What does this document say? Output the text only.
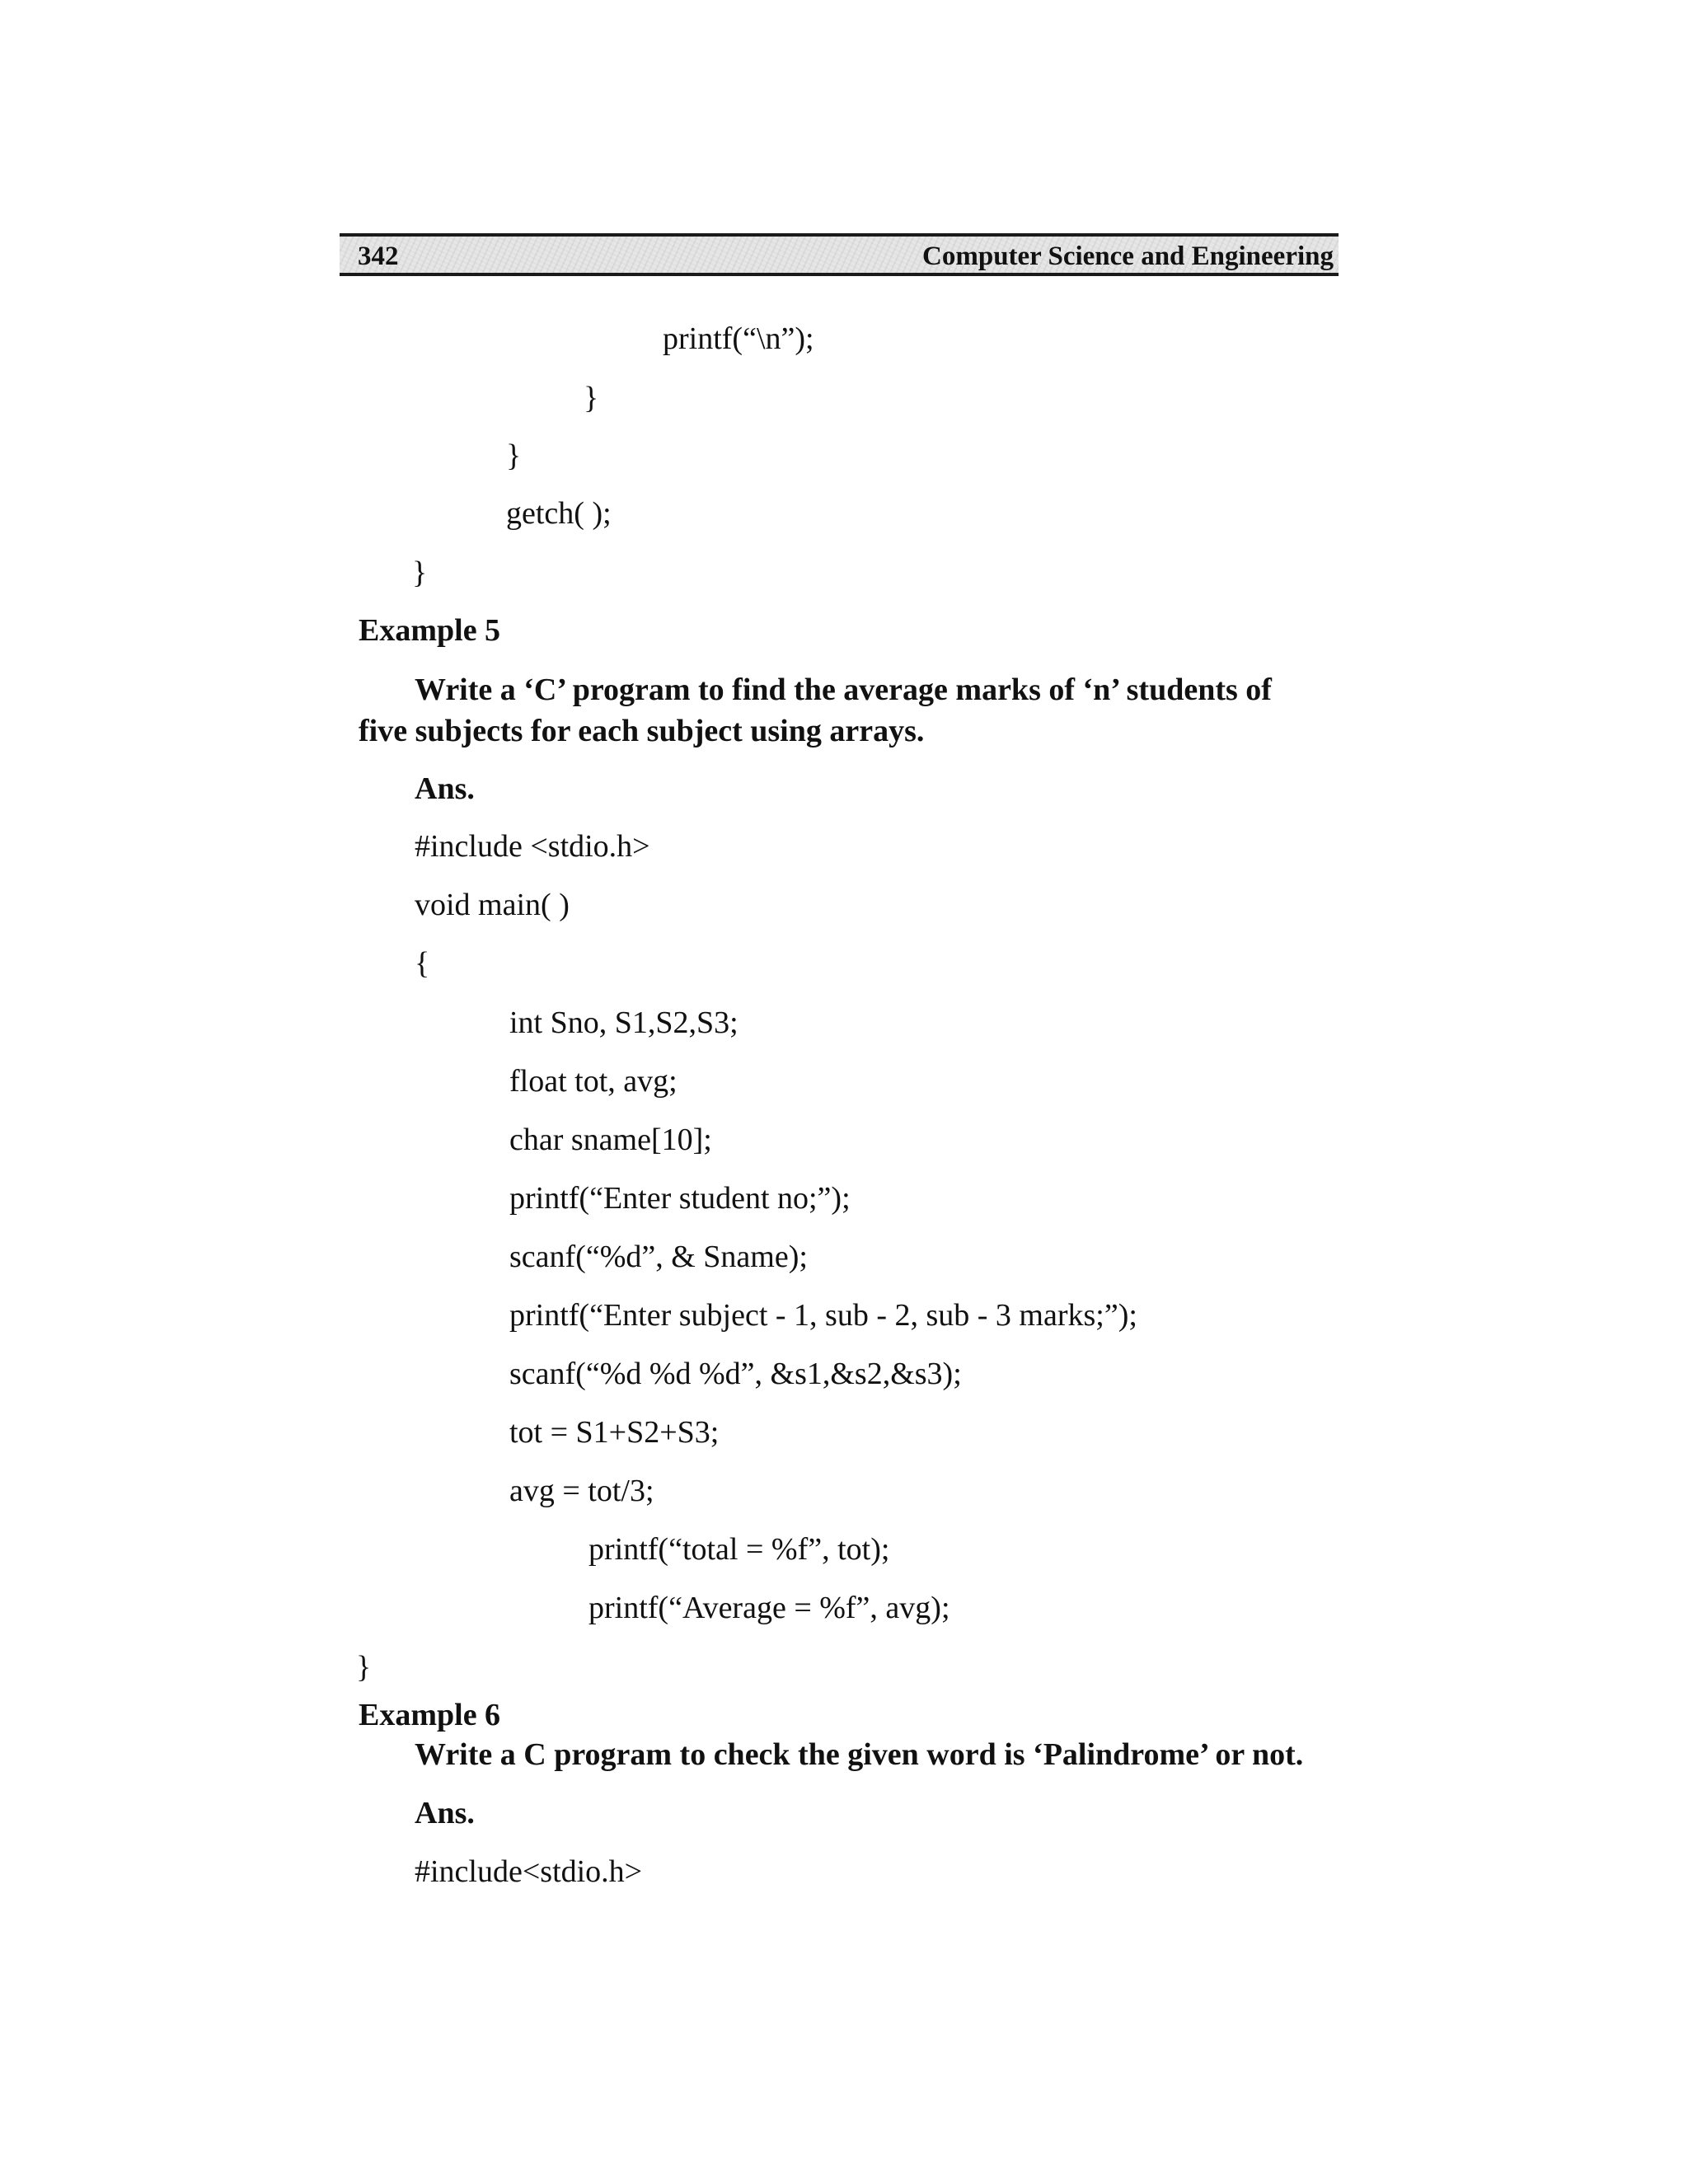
342	Computer Science and Engineering
printf(“\n”);
}
}
getch( );
}
Example 5
Write a ‘C’ program to find the average marks of ‘n’ students of five subjects for each subject using arrays.
Ans.
#include <stdio.h>
void main( )
{
int Sno, S1,S2,S3;
float tot, avg;
char sname[10];
printf(“Enter student no;”);
scanf(“%d”, & Sname);
printf(“Enter subject - 1, sub - 2, sub - 3 marks;”);
scanf(“%d %d %d”, &s1,&s2,&s3);
tot = S1+S2+S3;
avg = tot/3;
printf(“total = %f”, tot);
printf(“Average = %f”, avg);
}
Example 6
Write a C program to check the given word is ‘Palindrome’ or not.
Ans.
#include<stdio.h>
